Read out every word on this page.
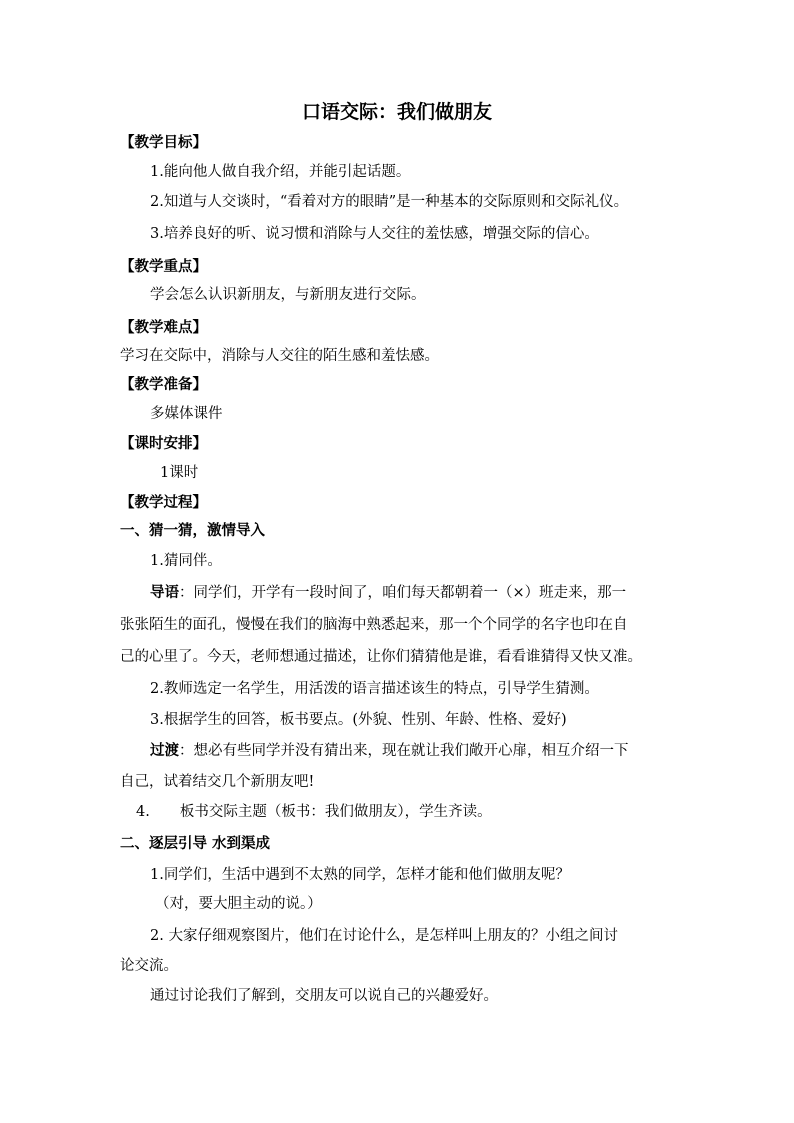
口语交际：我们做朋友
【教学目标】
1.能向他人做自我介绍，并能引起话题。
2.知道与人交谈时，“看着对方的眼睛”是一种基本的交际原则和交际礼仪。
3.培养良好的听、说习惯和消除与人交往的羞怯感，增强交际的信心。
【教学重点】
学会怎么认识新朋友，与新朋友进行交际。
【教学难点】
学习在交际中，消除与人交往的陌生感和羞怯感。
【教学准备】
多媒体课件
【课时安排】
1课时
【教学过程】
一、猜一猜，激情导入
1.猜同伴。
导语：同学们，开学有一段时间了，咱们每天都朝着一（×）班走来，那一
张张陌生的面孔，慢慢在我们的脑海中熟悉起来，那一个个同学的名字也印在自
己的心里了。今天，老师想通过描述，让你们猜猜他是谁，看看谁猜得又快又准。
2.教师选定一名学生，用活泼的语言描述该生的特点，引导学生猜测。
3.根据学生的回答，板书要点。(外貌、性别、年龄、性格、爱好)
过渡：想必有些同学并没有猜出来，现在就让我们敞开心扉，相互介绍一下
自己，试着结交几个新朋友吧!
4. 板书交际主题（板书：我们做朋友），学生齐读。
二、逐层引导 水到渠成
1.同学们，生活中遇到不太熟的同学，怎样才能和他们做朋友呢？
（对，要大胆主动的说。）
2. 大家仔细观察图片，他们在讨论什么，是怎样叫上朋友的？小组之间讨
论交流。
通过讨论我们了解到，交朋友可以说自己的兴趣爱好。
